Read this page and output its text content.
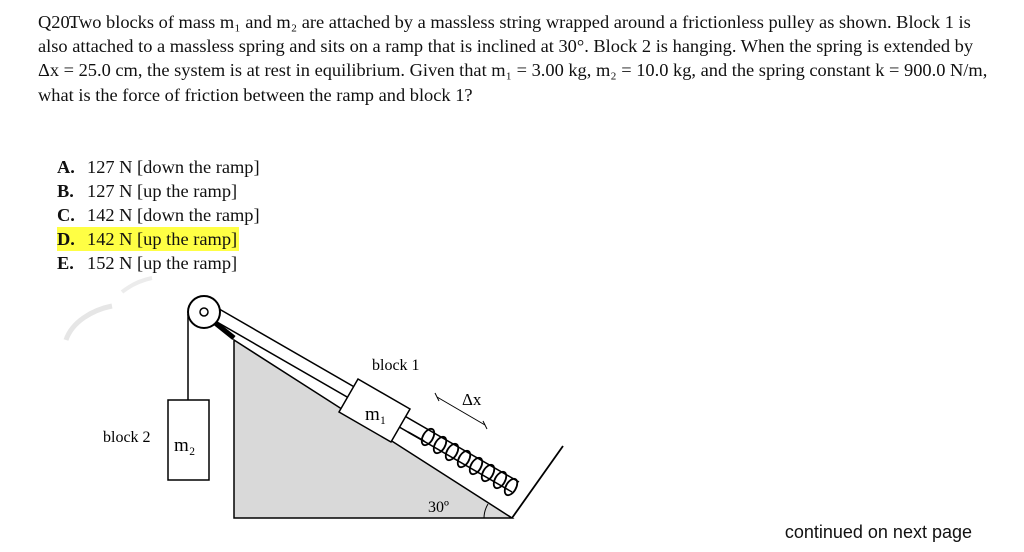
Q20.
Two blocks of mass m₁ and m₂ are attached by a massless string wrapped around a frictionless pulley as shown. Block 1 is also attached to a massless spring and sits on a ramp that is inclined at 30°. Block 2 is hanging. When the spring is extended by Δx = 25.0 cm, the system is at rest in equilibrium. Given that m₁ = 3.00 kg, m₂ = 10.0 kg, and the spring constant k = 900.0 N/m, what is the force of friction between the ramp and block 1?
A. 127 N [down the ramp]
B. 127 N [up the ramp]
C. 142 N [down the ramp]
D. 142 N [up the ramp]
E. 152 N [up the ramp]
m₂
block 2
m₁
block 1
Δx
30º
continued on next page
